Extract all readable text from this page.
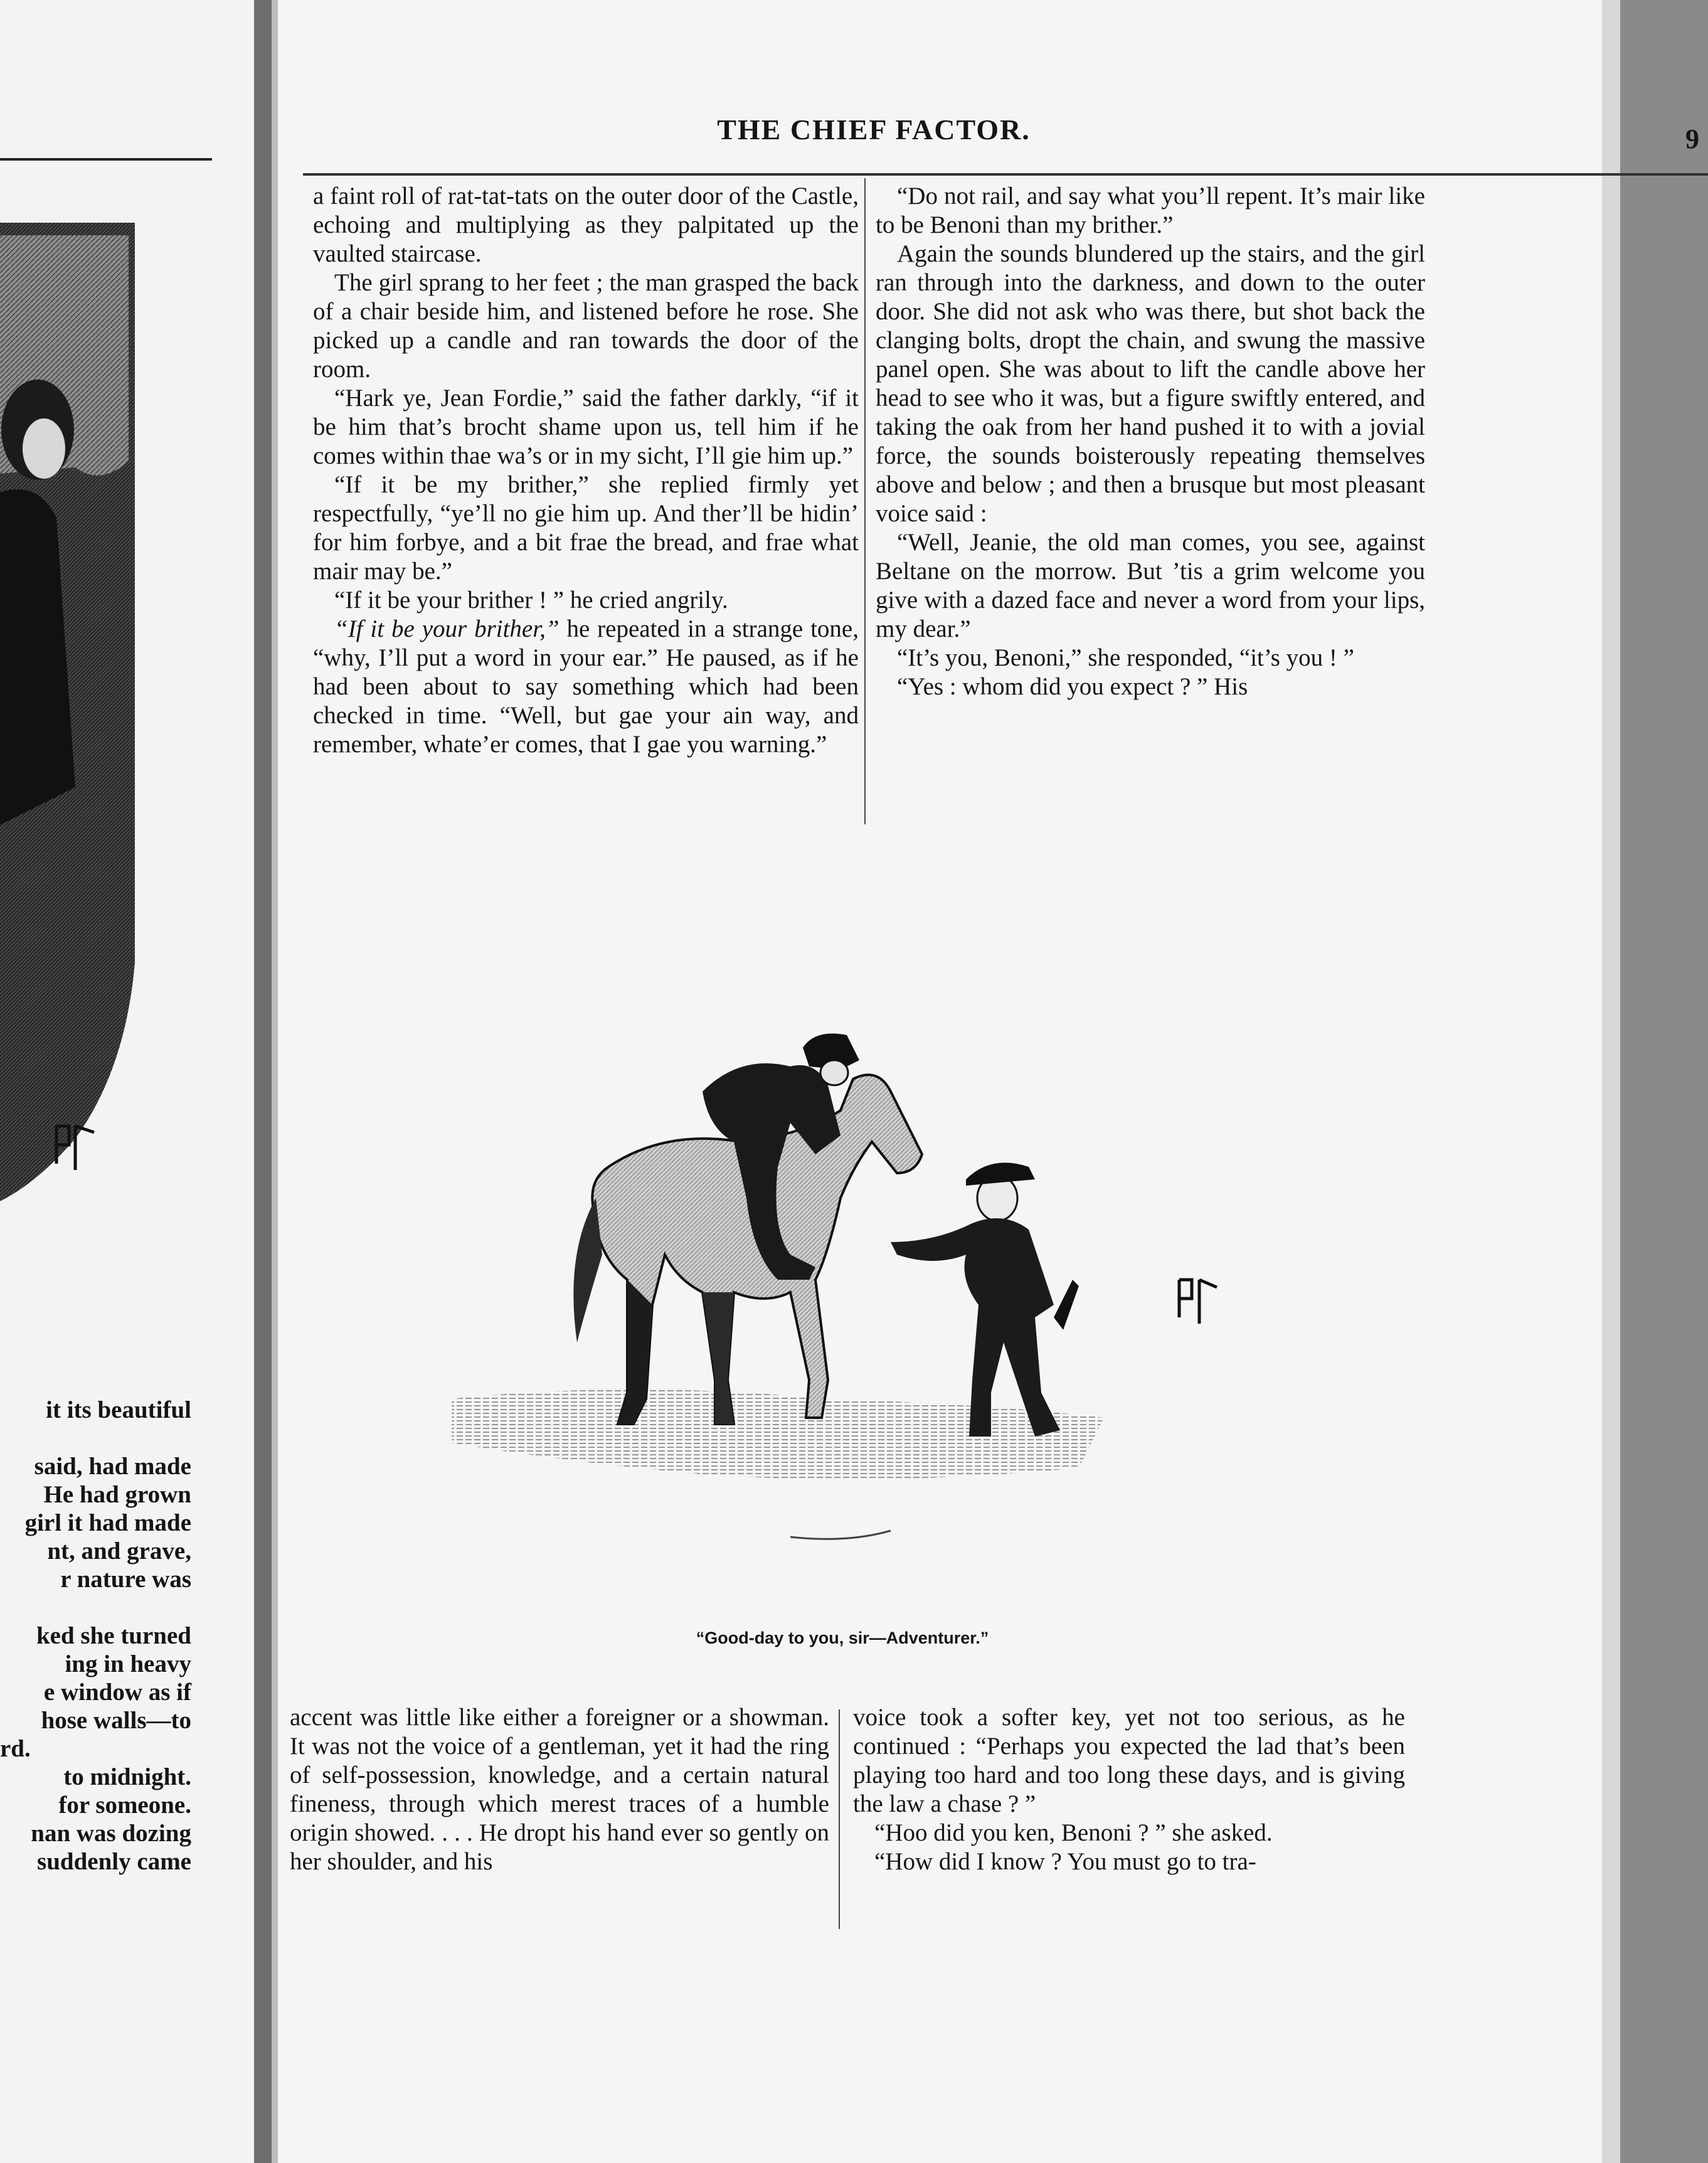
it its beautiful
said, had made
He had grown
girl it had made
nt, and grave,
r nature was
ked she turned
ing in heavy
e window as if
hose walls—to
rd.
to midnight.
for someone.
nan was dozing
suddenly came
THE CHIEF FACTOR.	9

a faint roll of rat-tat-tats on the outer door of the Castle, echoing and multiplying as they palpitated up the vaulted staircase.

The girl sprang to her feet ; the man grasped the back of a chair beside him, and listened before he rose. She picked up a candle and ran towards the door of the room.

“Hark ye, Jean Fordie,” said the father darkly, “if it be him that’s brocht shame upon us, tell him if he comes within thae wa’s or in my sicht, I’ll gie him up.”

“If it be my brither,” she replied firmly yet respectfully, “ye’ll no gie him up. And ther’ll be hidin’ for him forbye, and a bit frae the bread, and frae what mair may be.”

“If it be your brither ! ” he cried angrily.

“If it be your brither,” he repeated in a strange tone, “why, I’ll put a word in your ear.” He paused, as if he had been about to say something which had been checked in time. “Well, but gae your ain way, and remember, whate’er comes, that I gae you warning.”

“Do not rail, and say what you’ll repent. It’s mair like to be Benoni than my brither.”

Again the sounds blundered up the stairs, and the girl ran through into the darkness, and down to the outer door. She did not ask who was there, but shot back the clanging bolts, dropt the chain, and swung the massive panel open. She was about to lift the candle above her head to see who it was, but a figure swiftly entered, and taking the oak from her hand pushed it to with a jovial force, the sounds boisterously repeating themselves above and below ; and then a brusque but most pleasant voice said :

“Well, Jeanie, the old man comes, you see, against Beltane on the morrow. But ’tis a grim welcome you give with a dazed face and never a word from your lips, my dear.”

“It’s you, Benoni,” she responded, “it’s you ! ”

“Yes : whom did you expect ? ” His

“Good-day to you, sir—Adventurer.”

accent was little like either a foreigner or a showman. It was not the voice of a gentleman, yet it had the ring of self-possession, knowledge, and a certain natural fineness, through which merest traces of a humble origin showed. . . . He dropt his hand ever so gently on her shoulder, and his

voice took a softer key, yet not too serious, as he continued : “Perhaps you expected the lad that’s been playing too hard and too long these days, and is giving the law a chase ? ”

“Hoo did you ken, Benoni ? ” she asked.

“How did I know ? You must go to tra-
